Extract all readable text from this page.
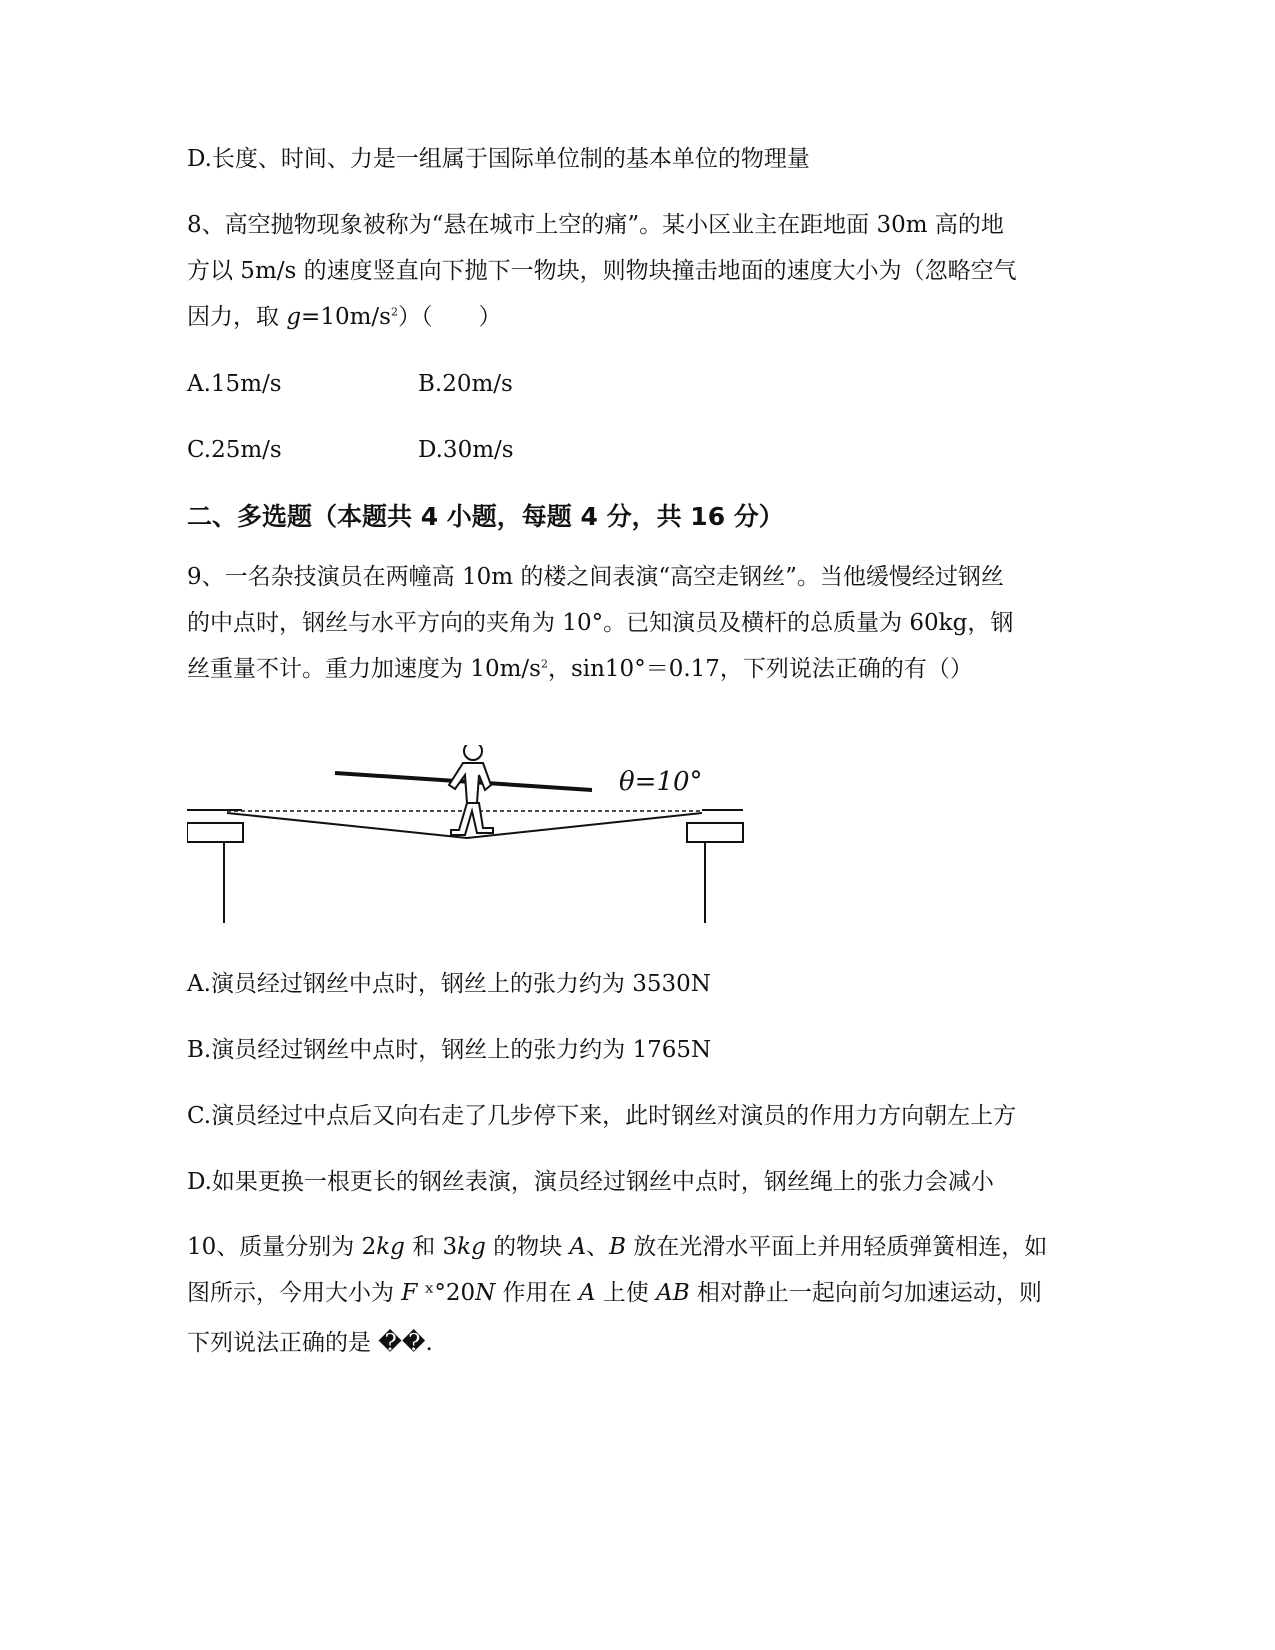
D.长度、时间、力是一组属于国际单位制的基本单位的物理量
8、高空抛物现象被称为“悬在城市上空的痛”。某小区业主在距地面 30m 高的地
方以 5m/s 的速度竖直向下抛下一物块，则物块撞击地面的速度大小为（忽略空气
因力，取 $g=10m/s^2$）（　　）
A.15m/s	B.20m/s
C.25m/s	D.30m/s
二、多选题（本题共 4 小题，每题 4 分，共 16 分）
9、一名杂技演员在两幢高 10m 的楼之间表演“高空走钢丝”。当他缓慢经过钢丝
的中点时，钢丝与水平方向的夹角为 10°。已知演员及横杆的总质量为 60kg，钢
丝重量不计。重力加速度为 $10m/s^2$，sin10°＝0.17，下列说法正确的有（）
θ=10°
A.演员经过钢丝中点时，钢丝上的张力约为 3530N
B.演员经过钢丝中点时，钢丝上的张力约为 1765N
C.演员经过中点后又向右走了几步停下来，此时钢丝对演员的作用力方向朝左上方
D.如果更换一根更长的钢丝表演，演员经过钢丝中点时，钢丝绳上的张力会减小
10、质量分别为 2kg 和 3kg 的物块 A、B 放在光滑水平面上并用轻质弹簧相连，如
图所示，今用大小为 F ˣ°20N 作用在 A 上使 AB 相对静止一起向前匀加速运动，则
下列说法正确的是 ��.
